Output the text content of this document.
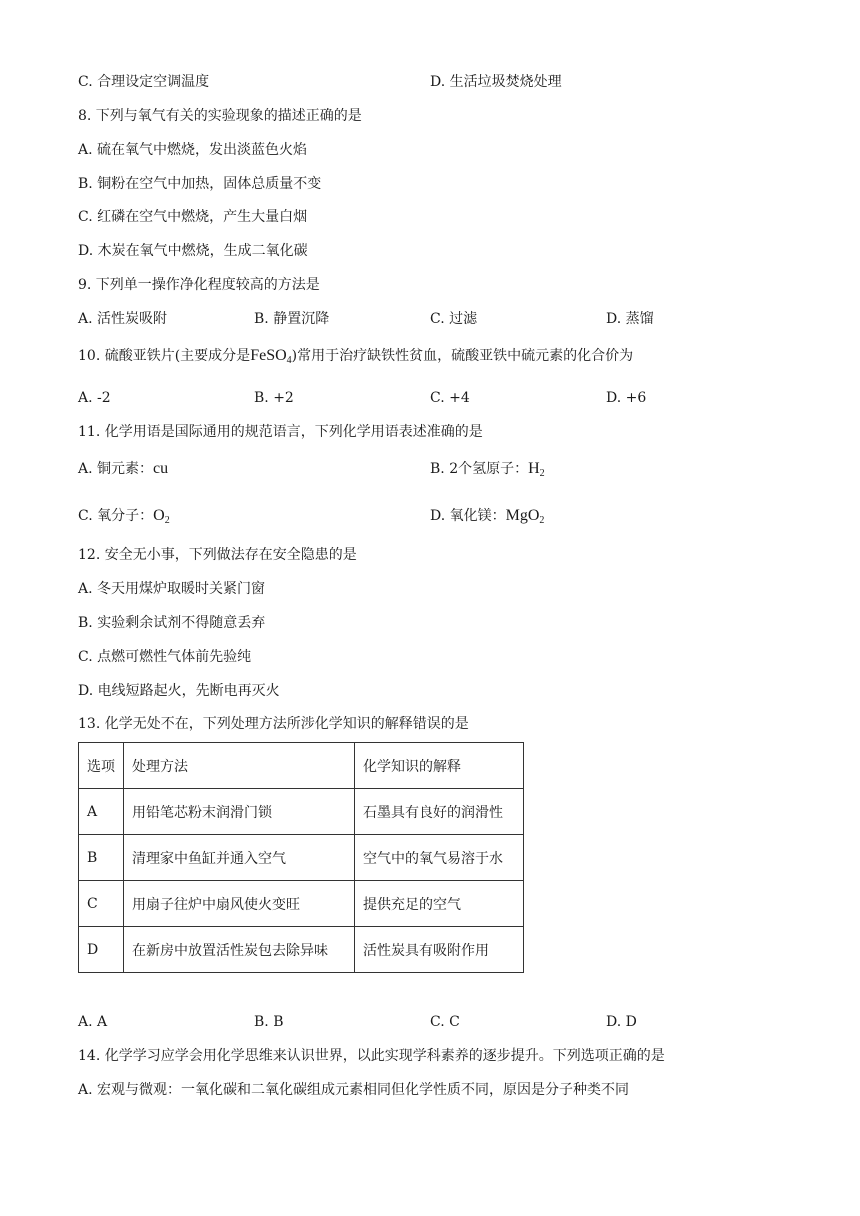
C. 合理设定空调温度	D. 生活垃圾焚烧处理
8. 下列与氧气有关的实验现象的描述正确的是
A. 硫在氧气中燃烧，发出淡蓝色火焰
B. 铜粉在空气中加热，固体总质量不变
C. 红磷在空气中燃烧，产生大量白烟
D. 木炭在氧气中燃烧，生成二氧化碳
9. 下列单一操作净化程度较高的方法是
A. 活性炭吸附	B. 静置沉降	C. 过滤	D. 蒸馏
10. 硫酸亚铁片(主要成分是FeSO$_4$)常用于治疗缺铁性贫血，硫酸亚铁中硫元素的化合价为
A. -2	B. +2	C. +4	D. +6
11. 化学用语是国际通用的规范语言，下列化学用语表述准确的是
A. 铜元素：cu	B. 2个氢原子：$H_2$
C. 氧分子：$O_2$	D. 氧化镁：MgO$_2$
12. 安全无小事，下列做法存在安全隐患的是
A. 冬天用煤炉取暖时关紧门窗
B. 实验剩余试剂不得随意丢弃
C. 点燃可燃性气体前先验纯
D. 电线短路起火，先断电再灭火
13. 化学无处不在，下列处理方法所涉化学知识的解释错误的是
选项	处理方法	化学知识的解释
A	用铅笔芯粉末润滑门锁	石墨具有良好的润滑性
B	清理家中鱼缸并通入空气	空气中的氧气易溶于水
C	用扇子往炉中扇风使火变旺	提供充足的空气
D	在新房中放置活性炭包去除异味	活性炭具有吸附作用
A. A	B. B	C. C	D. D
14. 化学学习应学会用化学思维来认识世界，以此实现学科素养的逐步提升。下列选项正确的是
A. 宏观与微观：一氧化碳和二氧化碳组成元素相同但化学性质不同，原因是分子种类不同
